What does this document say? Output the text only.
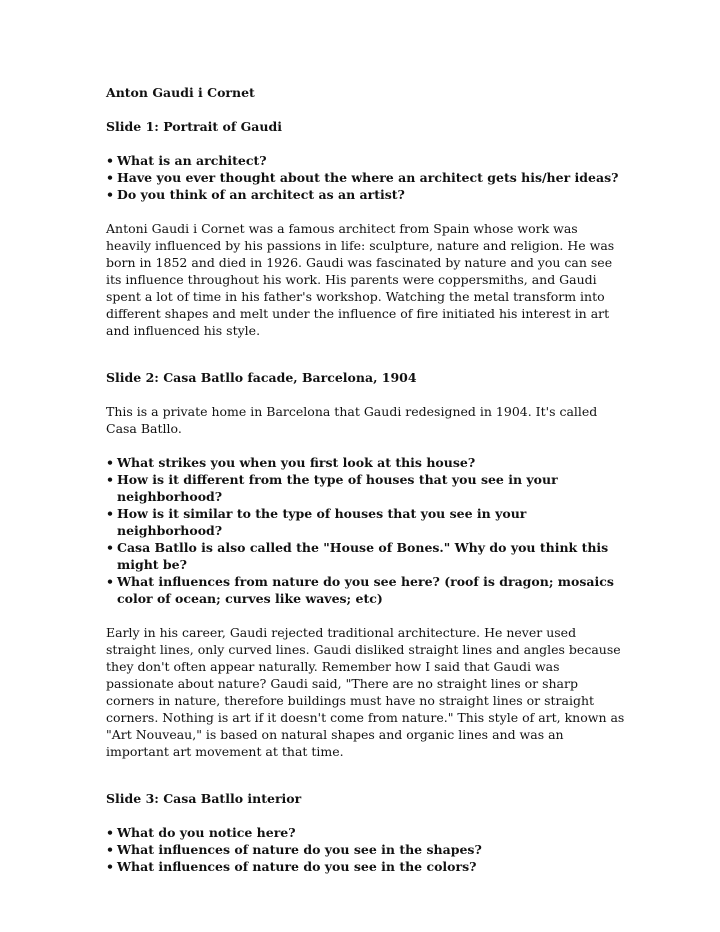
Anton Gaudi i Cornet

Slide 1: Portrait of Gaudi

• What is an architect?
• Have you ever thought about the where an architect gets his/her ideas?
• Do you think of an architect as an artist?

Antoni Gaudi i Cornet was a famous architect from Spain whose work was heavily influenced by his passions in life: sculpture, nature and religion. He was born in 1852 and died in 1926. Gaudi was fascinated by nature and you can see its influence throughout his work. His parents were coppersmiths, and Gaudi spent a lot of time in his father's workshop. Watching the metal transform into different shapes and melt under the influence of fire initiated his interest in art and influenced his style.

Slide 2: Casa Batllo facade, Barcelona, 1904

This is a private home in Barcelona that Gaudi redesigned in 1904. It's called Casa Batllo.

• What strikes you when you first look at this house?
• How is it different from the type of houses that you see in your neighborhood?
• How is it similar to the type of houses that you see in your neighborhood?
• Casa Batllo is also called the "House of Bones." Why do you think this might be?
• What influences from nature do you see here? (roof is dragon; mosaics color of ocean; curves like waves; etc)

Early in his career, Gaudi rejected traditional architecture. He never used straight lines, only curved lines. Gaudi disliked straight lines and angles because they don't often appear naturally. Remember how I said that Gaudi was passionate about nature? Gaudi said, "There are no straight lines or sharp corners in nature, therefore buildings must have no straight lines or straight corners. Nothing is art if it doesn't come from nature." This style of art, known as "Art Nouveau," is based on natural shapes and organic lines and was an important art movement at that time.

Slide 3: Casa Batllo interior

• What do you notice here?
• What influences of nature do you see in the shapes?
• What influences of nature do you see in the colors?
